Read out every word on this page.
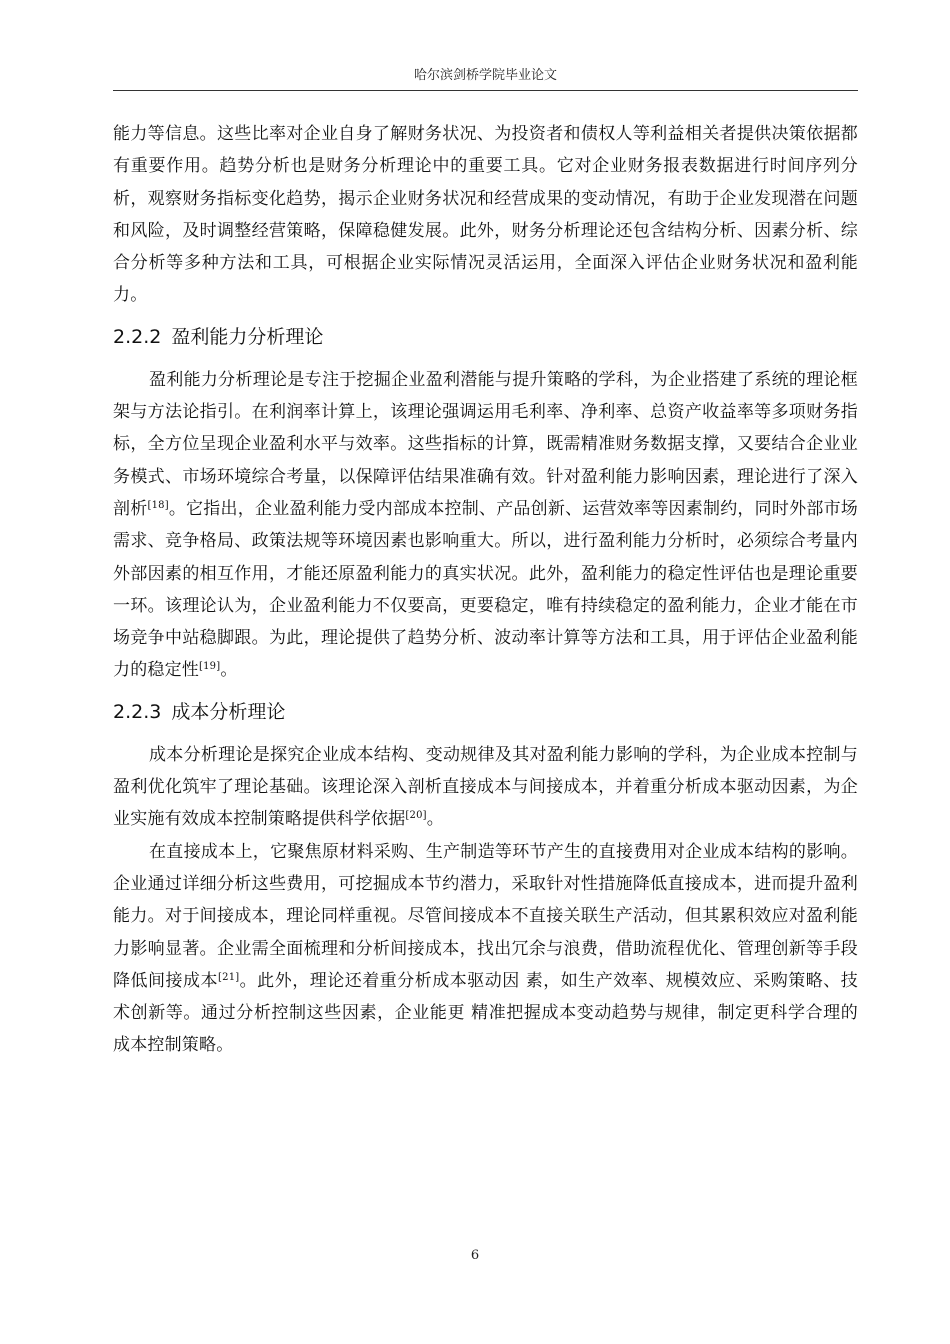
哈尔滨剑桥学院毕业论文

能力等信息。这些比率对企业自身了解财务状况、为投资者和债权人等利益相关者提供决策依据都有重要作用。趋势分析也是财务分析理论中的重要工具。它对企业财务报表数据进行时间序列分析，观察财务指标变化趋势，揭示企业财务状况和经营成果的变动情况，有助于企业发现潜在问题和风险，及时调整经营策略，保障稳健发展。此外，财务分析理论还包含结构分析、因素分析、综合分析等多种方法和工具，可根据企业实际情况灵活运用，全面深入评估企业财务状况和盈利能力。

2.2.2 盈利能力分析理论

盈利能力分析理论是专注于挖掘企业盈利潜能与提升策略的学科，为企业搭建了系统的理论框架与方法论指引。在利润率计算上，该理论强调运用毛利率、净利率、总资产收益率等多项财务指标，全方位呈现企业盈利水平与效率。这些指标的计算，既需精准财务数据支撑，又要结合企业业务模式、市场环境综合考量，以保障评估结果准确有效。针对盈利能力影响因素，理论进行了深入剖析[18]。它指出，企业盈利能力受内部成本控制、产品创新、运营效率等因素制约，同时外部市场需求、竞争格局、政策法规等环境因素也影响重大。所以，进行盈利能力分析时，必须综合考量内外部因素的相互作用，才能还原盈利能力的真实状况。此外，盈利能力的稳定性评估也是理论重要一环。该理论认为，企业盈利能力不仅要高，更要稳定，唯有持续稳定的盈利能力，企业才能在市场竞争中站稳脚跟。为此，理论提供了趋势分析、波动率计算等方法和工具，用于评估企业盈利能力的稳定性[19]。

2.2.3 成本分析理论

成本分析理论是探究企业成本结构、变动规律及其对盈利能力影响的学科，为企业成本控制与盈利优化筑牢了理论基础。该理论深入剖析直接成本与间接成本，并着重分析成本驱动因素，为企业实施有效成本控制策略提供科学依据[20]。

在直接成本上，它聚焦原材料采购、生产制造等环节产生的直接费用对企业成本结构的影响。企业通过详细分析这些费用，可挖掘成本节约潜力，采取针对性措施降低直接成本，进而提升盈利能力。对于间接成本，理论同样重视。尽管间接成本不直接关联生产活动，但其累积效应对盈利能力影响显著。企业需全面梳理和分析间接成本，找出冗余与浪费，借助流程优化、管理创新等手段降低间接成本[21]。此外，理论还着重分析成本驱动因 素，如生产效率、规模效应、采购策略、技术创新等。通过分析控制这些因素，企业能更 精准把握成本变动趋势与规律，制定更科学合理的成本控制策略。

6
